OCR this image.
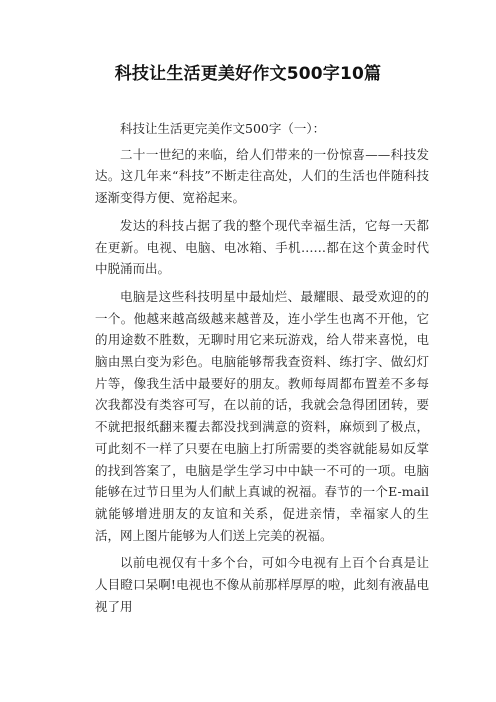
科技让生活更美好作文500字10篇

科技让生活更完美作文500字（一）：

二十一世纪的来临，给人们带来的一份惊喜——科技发达。这几年来“科技”不断走往高处，人们的生活也伴随科技逐渐变得方便、宽裕起来。

发达的科技占据了我的整个现代幸福生活，它每一天都在更新。电视、电脑、电冰箱、手机……都在这个黄金时代中脱涌而出。

电脑是这些科技明星中最灿烂、最耀眼、最受欢迎的的一个。他越来越高级越来越普及，连小学生也离不开他，它的用途数不胜数，无聊时用它来玩游戏，给人带来喜悦，电脑由黑白变为彩色。电脑能够帮我查资料、练打字、做幻灯片等，像我生活中最要好的朋友。教师每周都布置差不多每次我都没有类容可写，在以前的话，我就会急得团团转，要不就把报纸翻来覆去都没找到满意的资料，麻烦到了极点，可此刻不一样了只要在电脑上打所需要的类容就能易如反掌的找到答案了，电脑是学生学习中中缺一不可的一项。电脑能够在过节日里为人们献上真诚的祝福。春节的一个E-mail就能够增进朋友的友谊和关系，促进亲情，幸福家人的生活，网上图片能够为人们送上完美的祝福。

以前电视仅有十多个台，可如今电视有上百个台真是让人目瞪口呆啊!电视也不像从前那样厚厚的啦，此刻有液晶电视了用
